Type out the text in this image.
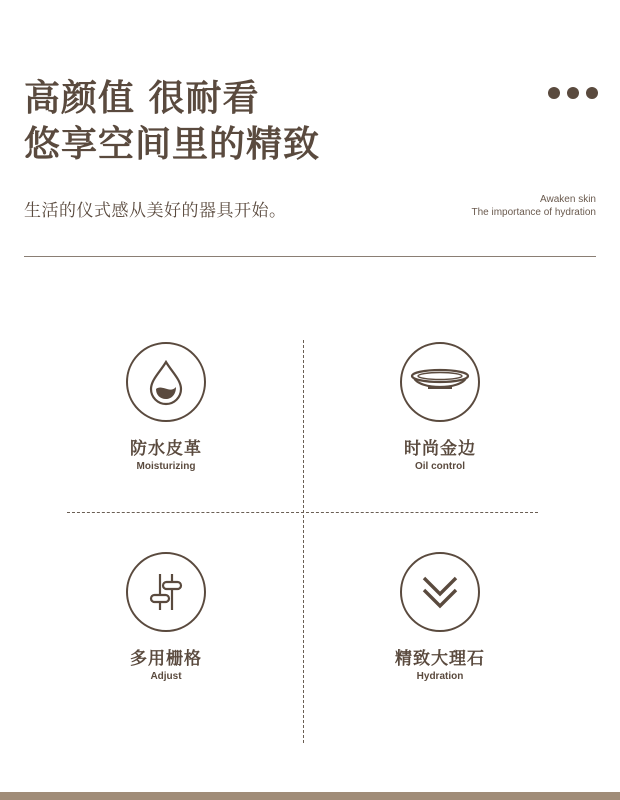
高颜值 很耐看
悠享空间里的精致
生活的仪式感从美好的器具开始。
Awaken skin
The importance of hydration
防水皮革
Moisturizing
时尚金边
Oil control
多用栅格
Adjust
精致大理石
Hydration
